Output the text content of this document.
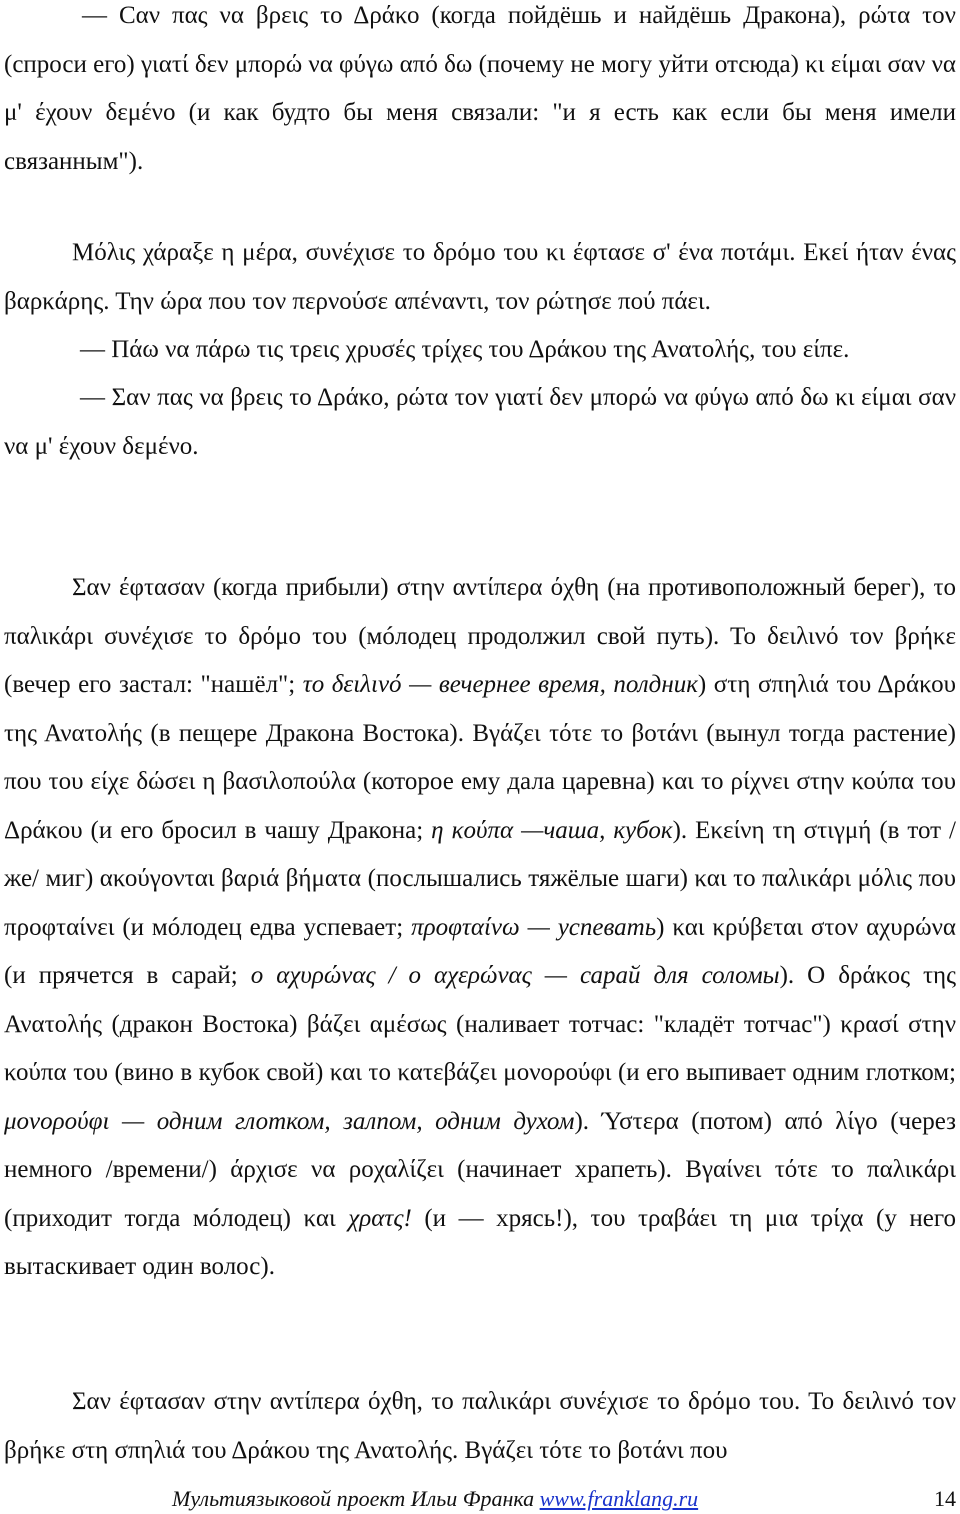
— Сαν πας να βρεις το Δράκο (когда пойдёшь и найдёшь Дракона), ρώτα τον (спроси его) γιατί δεν μπορώ να φύγω από δω (почему не могу уйти отсюда) κι είμαι σαν να μ' έχουν δεμένο (и как будто бы меня связали: "и я есть как если бы меня имели связанным").

Μόλις χάραξε η μέρα, συνέχισε το δρόμο του κι έφτασε σ' ένα ποτάμι. Εκεί ήταν ένας βαρκάρης. Την ώρα που τον περνούσε απέναντι, τον ρώτησε πού πάει.

— Πάω να πάρω τις τρεις χρυσές τρίχες του Δράκου της Ανατολής, του είπε.

— Σαν πας να βρεις το Δράκο, ρώτα τον γιατί δεν μπορώ να φύγω από δω κι είμαι σαν να μ' έχουν δεμένο.

Σαν έφτασαν (когда прибыли) στην αντίπερα όχθη (на противоположный берег), το παλικάρι συνέχισε το δρόμο του (мóлодец продолжил свой путь). Το δειλινό τον βρήκε (вечер его застал: "нашёл"; το δειλινό — вечернее время, полдник) στη σπηλιά του Δράκου της Ανατολής (в пещере Дракона Востока). Βγάζει τότε το βοτάνι (вынул тогда растение) που του είχε δώσει η βασιλοπούλα (которое ему дала царевна) και το ρίχνει στην κούπα του Δράκου (и его бросил в чашу Дракона; η κούπα —чаша, кубок). Εκείνη τη στιγμή (в тот /же/ миг) ακούγονται βαριά βήματα (послышались тяжёлые шаги) και το παλικάρι μόλις που προφταίνει (и мóлодец едва успевает; προφταίνω — успевать) και κρύβεται στον αχυρώνα (и прячется в сарай; ο αχυρώνας / ο αχερώνας — сарай для соломы). Ο δράκος της Ανατολής (дракон Востока) βάζει αμέσως (наливает тотчас: "кладёт тотчас") κρασί στην κούπα του (вино в кубок свой) και το κατεβάζει μονορούφι (и его выпивает одним глотком; μονορούφι — одним глотком, залпом, одним духом). Ύστερα (потом) από λίγο (через немного /времени/) άρχισε να ροχαλίζει (начинает храпеть). Βγαίνει τότε το παλικάρι (приходит тогда мóлодец) και χρατς! (и — хрясь!), του τραβάει τη μια τρίχα (у него вытаскивает один волос).

Σαν έφτασαν στην αντίπερα όχθη, το παλικάρι συνέχισε το δρόμο του. Το δειλινό τον βρήκε στη σπηλιά του Δράκου της Ανατολής. Βγάζει τότε το βοτάνι που

Мультиязыковой проект Ильи Франка www.franklang.ru	14
